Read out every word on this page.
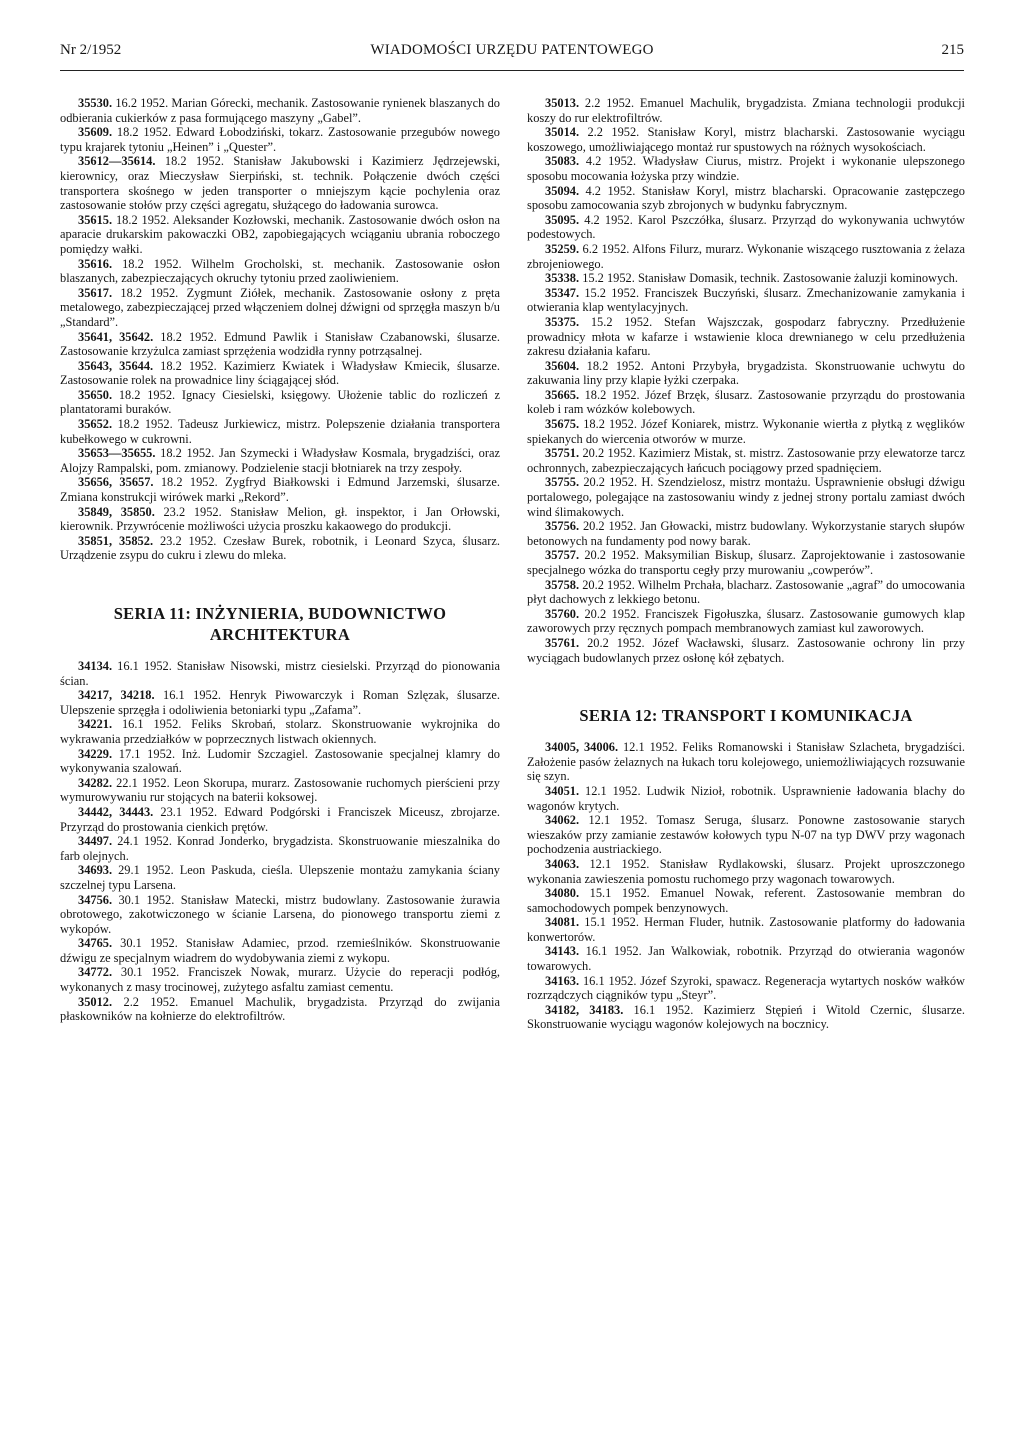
Nr 2/1952	WIADOMOŚCI URZĘDU PATENTOWEGO	215

35530. 16.2 1952. Marian Górecki, mechanik. Zastosowanie rynienek blaszanych do odbierania cukierków z pasa formującego maszyny „Gabel”.

35609. 18.2 1952. Edward Łobodziński, tokarz. Zastosowanie przegubów nowego typu krajarek tytoniu „Heinen” i „Quester”.

35612—35614. 18.2 1952. Stanisław Jakubowski i Kazimierz Jędrzejewski, kierownicy, oraz Mieczysław Sierpiński, st. technik. Połączenie dwóch części transportera skośnego w jeden transporter o mniejszym kącie pochylenia oraz zastosowanie stołów przy części agregatu, służącego do ładowania surowca.

35615. 18.2 1952. Aleksander Kozłowski, mechanik. Zastosowanie dwóch osłon na aparacie drukarskim pakowaczki OB2, zapobiegających wciąganiu ubrania roboczego pomiędzy wałki.

35616. 18.2 1952. Wilhelm Grocholski, st. mechanik. Zastosowanie osłon blaszanych, zabezpieczających okruchy tytoniu przed zaoliwieniem.

35617. 18.2 1952. Zygmunt Ziółek, mechanik. Zastosowanie osłony z pręta metalowego, zabezpieczającej przed włączeniem dolnej dźwigni od sprzęgła maszyn b/u „Standard”.

35641, 35642. 18.2 1952. Edmund Pawlik i Stanisław Czabanowski, ślusarze. Zastosowanie krzyżulca zamiast sprzężenia wodzidła rynny potrząsalnej.

35643, 35644. 18.2 1952. Kazimierz Kwiatek i Władysław Kmiecik, ślusarze. Zastosowanie rolek na prowadnice liny ściągającej słód.

35650. 18.2 1952. Ignacy Ciesielski, księgowy. Ułożenie tablic do rozliczeń z plantatorami buraków.

35652. 18.2 1952. Tadeusz Jurkiewicz, mistrz. Polepszenie działania transportera kubełkowego w cukrowni.

35653—35655. 18.2 1952. Jan Szymecki i Władysław Kosmala, brygadziści, oraz Alojzy Rampalski, pom. zmianowy. Podzielenie stacji błotniarek na trzy zespoły.

35656, 35657. 18.2 1952. Zygfryd Białkowski i Edmund Jarzemski, ślusarze. Zmiana konstrukcji wirówek marki „Rekord”.

35849, 35850. 23.2 1952. Stanisław Melion, gł. inspektor, i Jan Orłowski, kierownik. Przywrócenie możliwości użycia proszku kakaowego do produkcji.

35851, 35852. 23.2 1952. Czesław Burek, robotnik, i Leonard Szyca, ślusarz. Urządzenie zsypu do cukru i zlewu do mleka.

SERIA 11: INŻYNIERIA, BUDOWNICTWO ARCHITEKTURA

34134. 16.1 1952. Stanisław Nisowski, mistrz ciesielski. Przyrząd do pionowania ścian.

34217, 34218. 16.1 1952. Henryk Piwowarczyk i Roman Szlęzak, ślusarze. Ulepszenie sprzęgła i odoliwienia betoniarki typu „Zafama”.

34221. 16.1 1952. Feliks Skrobań, stolarz. Skonstruowanie wykrojnika do wykrawania przedziałków w poprzecznych listwach okiennych.

34229. 17.1 1952. Inż. Ludomir Szczagiel. Zastosowanie specjalnej klamry do wykonywania szalowań.

34282. 22.1 1952. Leon Skorupa, murarz. Zastosowanie ruchomych pierścieni przy wymurowywaniu rur stojących na baterii koksowej.

34442, 34443. 23.1 1952. Edward Podgórski i Franciszek Miceusz, zbrojarze. Przyrząd do prostowania cienkich prętów.

34497. 24.1 1952. Konrad Jonderko, brygadzista. Skonstruowanie mieszalnika do farb olejnych.

34693. 29.1 1952. Leon Paskuda, cieśla. Ulepszenie montażu zamykania ściany szczelnej typu Larsena.

34756. 30.1 1952. Stanisław Matecki, mistrz budowlany. Zastosowanie żurawia obrotowego, zakotwiczonego w ścianie Larsena, do pionowego transportu ziemi z wykopów.

34765. 30.1 1952. Stanisław Adamiec, przod. rzemieślników. Skonstruowanie dźwigu ze specjalnym wiadrem do wydobywania ziemi z wykopu.

34772. 30.1 1952. Franciszek Nowak, murarz. Użycie do reperacji podłóg, wykonanych z masy trocinowej, zużytego asfaltu zamiast cementu.

35012. 2.2 1952. Emanuel Machulik, brygadzista. Przyrząd do zwijania płaskowników na kołnierze do elektrofiltrów.

35013. 2.2 1952. Emanuel Machulik, brygadzista. Zmiana technologii produkcji koszy do rur elektrofiltrów.

35014. 2.2 1952. Stanisław Koryl, mistrz blacharski. Zastosowanie wyciągu koszowego, umożliwiającego montaż rur spustowych na różnych wysokościach.

35083. 4.2 1952. Władysław Ciurus, mistrz. Projekt i wykonanie ulepszonego sposobu mocowania łożyska przy windzie.

35094. 4.2 1952. Stanisław Koryl, mistrz blacharski. Opracowanie zastępczego sposobu zamocowania szyb zbrojonych w budynku fabrycznym.

35095. 4.2 1952. Karol Pszczółka, ślusarz. Przyrząd do wykonywania uchwytów podestowych.

35259. 6.2 1952. Alfons Filurz, murarz. Wykonanie wiszącego rusztowania z żelaza zbrojeniowego.

35338. 15.2 1952. Stanisław Domasik, technik. Zastosowanie żaluzji kominowych.

35347. 15.2 1952. Franciszek Buczyński, ślusarz. Zmechanizowanie zamykania i otwierania klap wentylacyjnych.

35375. 15.2 1952. Stefan Wajszczak, gospodarz fabryczny. Przedłużenie prowadnicy młota w kafarze i wstawienie kloca drewnianego w celu przedłużenia zakresu działania kafaru.

35604. 18.2 1952. Antoni Przybyła, brygadzista. Skonstruowanie uchwytu do zakuwania liny przy klapie łyżki czerpaka.

35665. 18.2 1952. Józef Brzęk, ślusarz. Zastosowanie przyrządu do prostowania koleb i ram wózków kolebowych.

35675. 18.2 1952. Józef Koniarek, mistrz. Wykonanie wiertła z płytką z węglików spiekanych do wiercenia otworów w murze.

35751. 20.2 1952. Kazimierz Mistak, st. mistrz. Zastosowanie przy elewatorze tarcz ochronnych, zabezpieczających łańcuch pociągowy przed spadnięciem.

35755. 20.2 1952. H. Szendzielosz, mistrz montażu. Usprawnienie obsługi dźwigu portalowego, polegające na zastosowaniu windy z jednej strony portalu zamiast dwóch wind ślimakowych.

35756. 20.2 1952. Jan Głowacki, mistrz budowlany. Wykorzystanie starych słupów betonowych na fundamenty pod nowy barak.

35757. 20.2 1952. Maksymilian Biskup, ślusarz. Zaprojektowanie i zastosowanie specjalnego wózka do transportu cegły przy murowaniu „cowperów”.

35758. 20.2 1952. Wilhelm Prchała, blacharz. Zastosowanie „agraf” do umocowania płyt dachowych z lekkiego betonu.

35760. 20.2 1952. Franciszek Figołuszka, ślusarz. Zastosowanie gumowych klap zaworowych przy ręcznych pompach membranowych zamiast kul zaworowych.

35761. 20.2 1952. Józef Wacławski, ślusarz. Zastosowanie ochrony lin przy wyciągach budowlanych przez osłonę kół zębatych.

SERIA 12: TRANSPORT I KOMUNIKACJA

34005, 34006. 12.1 1952. Feliks Romanowski i Stanisław Szlacheta, brygadziści. Założenie pasów żelaznych na łukach toru kolejowego, uniemożliwiających rozsuwanie się szyn.

34051. 12.1 1952. Ludwik Nizioł, robotnik. Usprawnienie ładowania blachy do wagonów krytych.

34062. 12.1 1952. Tomasz Seruga, ślusarz. Ponowne zastosowanie starych wieszaków przy zamianie zestawów kołowych typu N-07 na typ DWV przy wagonach pochodzenia austriackiego.

34063. 12.1 1952. Stanisław Rydlakowski, ślusarz. Projekt uproszczonego wykonania zawieszenia pomostu ruchomego przy wagonach towarowych.

34080. 15.1 1952. Emanuel Nowak, referent. Zastosowanie membran do samochodowych pompek benzynowych.

34081. 15.1 1952. Herman Fluder, hutnik. Zastosowanie platformy do ładowania konwertorów.

34143. 16.1 1952. Jan Walkowiak, robotnik. Przyrząd do otwierania wagonów towarowych.

34163. 16.1 1952. Józef Szyroki, spawacz. Regeneracja wytartych nosków wałków rozrządczych ciągników typu „Steyr”.

34182, 34183. 16.1 1952. Kazimierz Stępień i Witold Czernic, ślusarze. Skonstruowanie wyciągu wagonów kolejowych na bocznicy.
